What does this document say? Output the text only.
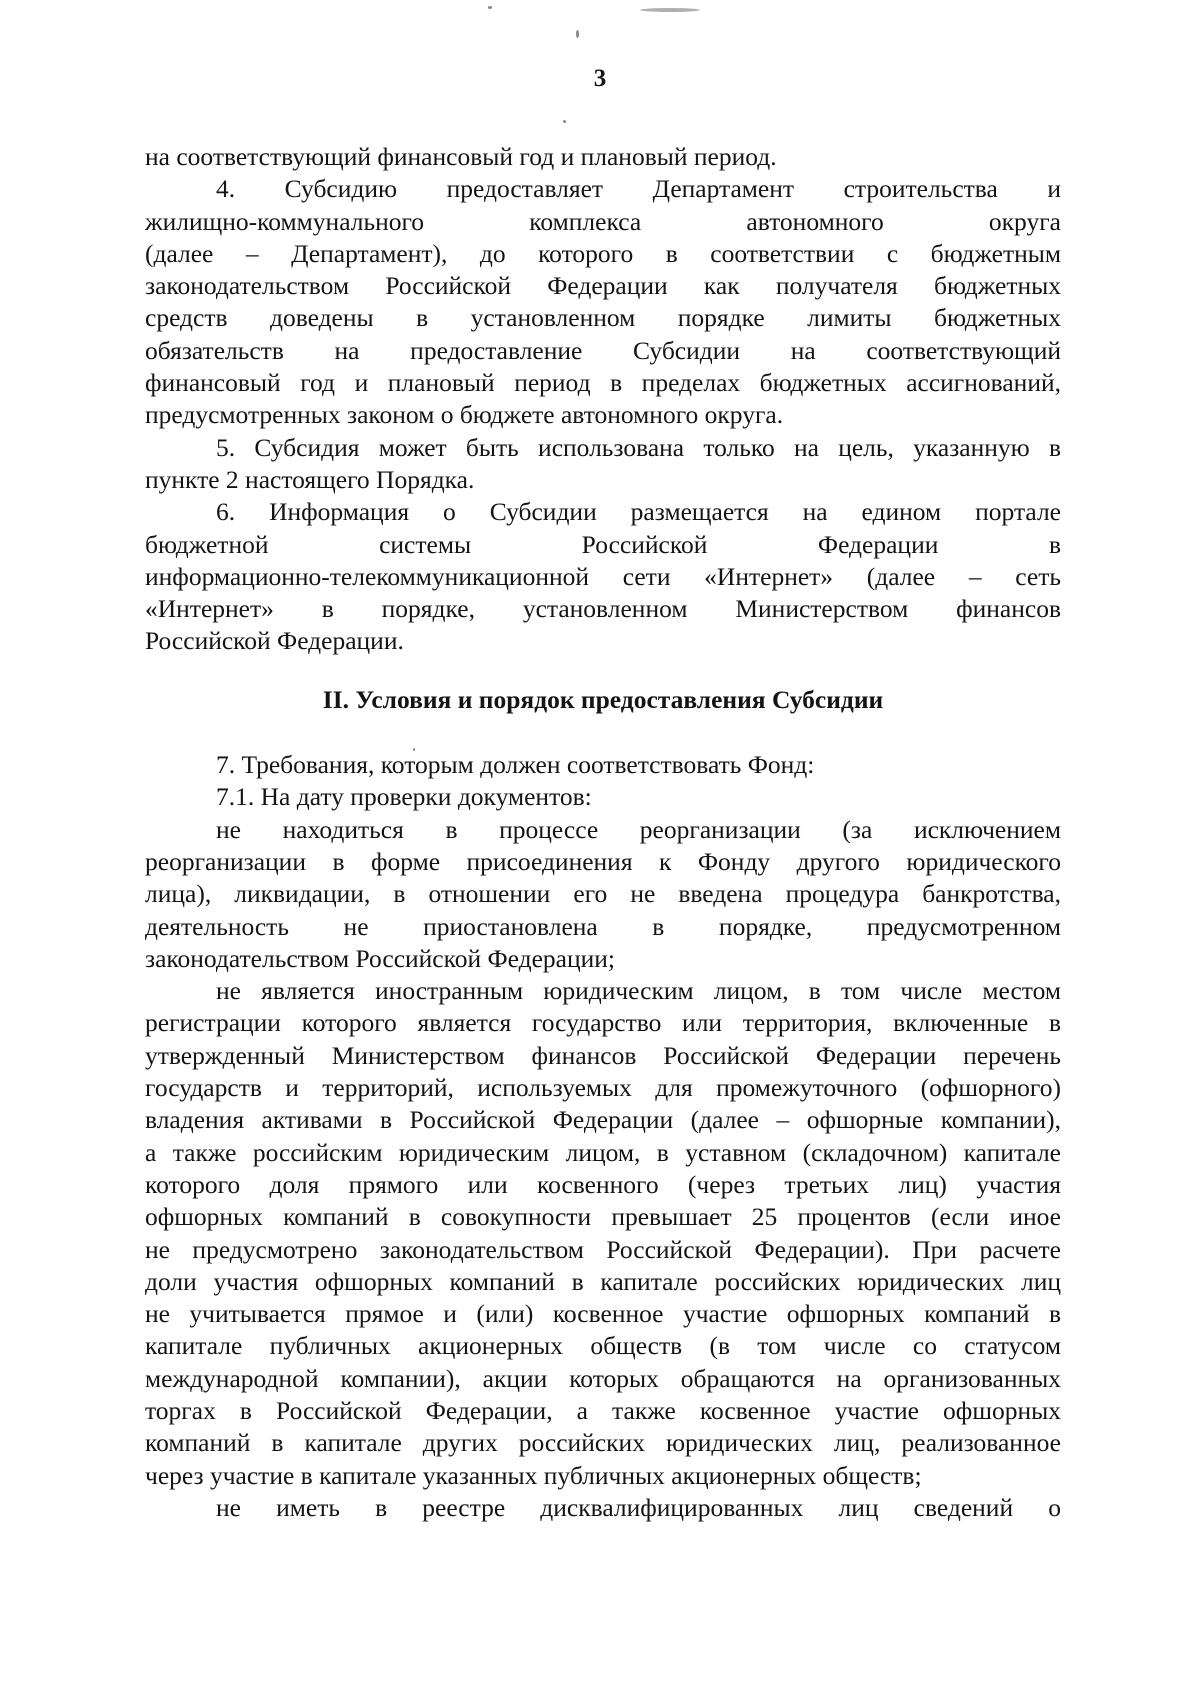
3
на соответствующий финансовый год и плановый период.
4. Субсидию предоставляет Департамент строительства и
жилищно-коммунального комплекса автономного округа
(далее – Департамент), до которого в соответствии с бюджетным
законодательством Российской Федерации как получателя бюджетных
средств доведены в установленном порядке лимиты бюджетных
обязательств на предоставление Субсидии на соответствующий
финансовый год и плановый период в пределах бюджетных ассигнований,
предусмотренных законом о бюджете автономного округа.
5. Субсидия может быть использована только на цель, указанную в
пункте 2 настоящего Порядка.
6. Информация о Субсидии размещается на едином портале
бюджетной системы Российской Федерации в
информационно-телекоммуникационной сети «Интернет» (далее – сеть
«Интернет» в порядке, установленном Министерством финансов
Российской Федерации.
II. Условия и порядок предоставления Субсидии
7. Требования, которым должен соответствовать Фонд:
7.1. На дату проверки документов:
не находиться в процессе реорганизации (за исключением
реорганизации в форме присоединения к Фонду другого юридического
лица), ликвидации, в отношении его не введена процедура банкротства,
деятельность не приостановлена в порядке, предусмотренном
законодательством Российской Федерации;
не является иностранным юридическим лицом, в том числе местом
регистрации которого является государство или территория, включенные в
утвержденный Министерством финансов Российской Федерации перечень
государств и территорий, используемых для промежуточного (офшорного)
владения активами в Российской Федерации (далее – офшорные компании),
а также российским юридическим лицом, в уставном (складочном) капитале
которого доля прямого или косвенного (через третьих лиц) участия
офшорных компаний в совокупности превышает 25 процентов (если иное
не предусмотрено законодательством Российской Федерации). При расчете
доли участия офшорных компаний в капитале российских юридических лиц
не учитывается прямое и (или) косвенное участие офшорных компаний в
капитале публичных акционерных обществ (в том числе со статусом
международной компании), акции которых обращаются на организованных
торгах в Российской Федерации, а также косвенное участие офшорных
компаний в капитале других российских юридических лиц, реализованное
через участие в капитале указанных публичных акционерных обществ;
не иметь в реестре дисквалифицированных лиц сведений о
